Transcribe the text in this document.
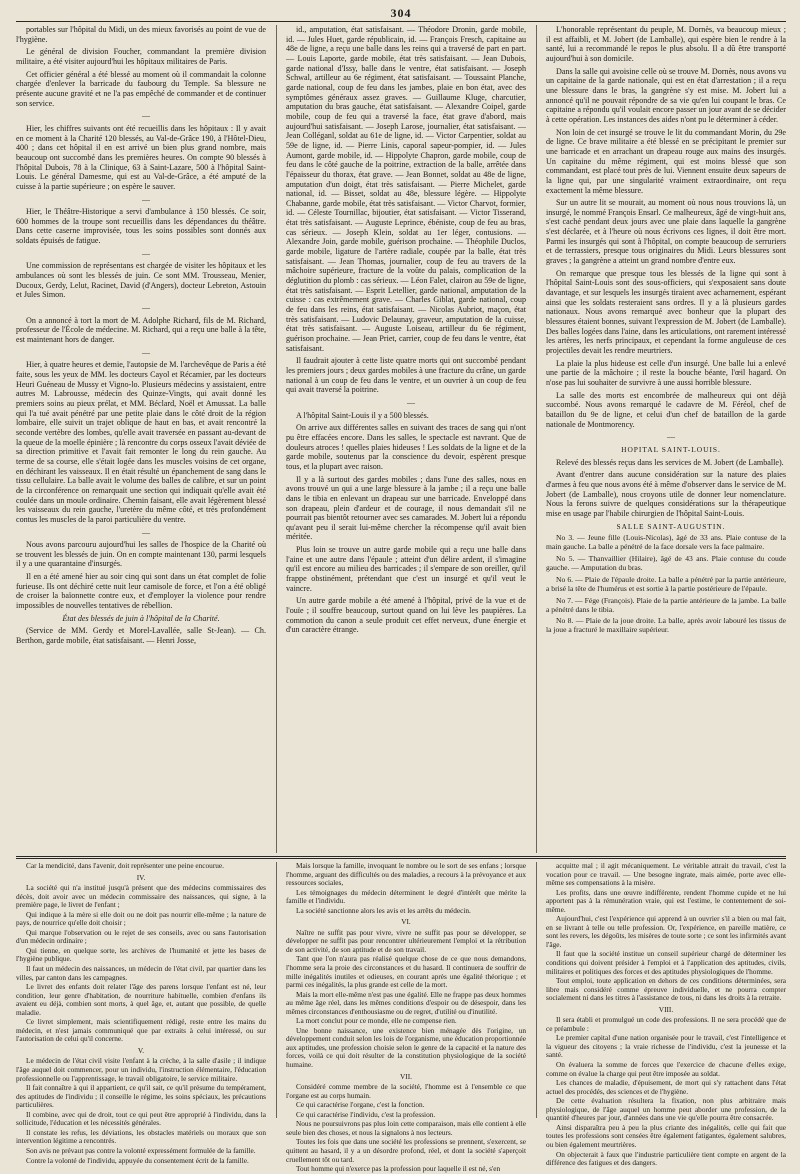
304

portables sur l'hôpital du Midi, un des mieux favorisés au point de vue de l'hygiène.

Le général de division Foucher, commandant la première division militaire, a été visiter aujourd'hui les hôpitaux militaires de Paris.

Cet officier général a été blessé au moment où il commandait la colonne chargée d'enlever la barricade du faubourg du Temple. Sa blessure ne présente aucune gravité et ne l'a pas empêché de commander et de continuer son service.

—

Hier, les chiffres suivants ont été recueillis dans les hôpitaux : Il y avait en ce moment à la Charité 120 blessés, au Val-de-Grâce 190, à l'Hôtel-Dieu, 400 ; dans cet hôpital il en est arrivé un bien plus grand nombre, mais beaucoup ont succombé dans les premières heures. On compte 90 blessés à l'hôpital Dubois, 78 à la Clinique, 63 à Saint-Lazare, 500 à l'hôpital Saint-Louis. Le général Damesme, qui est au Val-de-Grâce, a été amputé de la cuisse à la partie supérieure ; on espère le sauver.

—

Hier, le Théâtre-Historique a servi d'ambulance à 150 blessés. Ce soir, 600 hommes de la troupe sont recueillis dans les dépendances du théâtre. Dans cette caserne improvisée, tous les soins possibles sont donnés aux soldats épuisés de fatigue.

—

Une commission de représentans est chargée de visiter les hôpitaux et les ambulances où sont les blessés de juin. Ce sont MM. Trousseau, Menier, Ducoux, Gerdy, Lelut, Racinet, David (d'Angers), docteur Lebreton, Astouin et Jules Simon.

—

On a annoncé à tort la mort de M. Adolphe Richard, fils de M. Richard, professeur de l'École de médecine. M. Richard, qui a reçu une balle à la tête, est maintenant hors de danger.

—

Hier, à quatre heures et demie, l'autopsie de M. l'archevêque de Paris a été faite, sous les yeux de MM. les docteurs Cayol et Récamier, par les docteurs Heuri Guéneau de Mussy et Vigno-lo. Plusieurs médecins y assistaient, entre autres M. Labrousse, médecin des Quinze-Vingts, qui avait donné les premiers soins au pieux prélat, et MM. Béclard, Noël et Amussat. La balle qui l'a tué avait pénétré par une petite plaie dans le côté droit de la région lombaire, elle suivit un trajet oblique de haut en bas, et avait rencontré la seconde vertèbre des lombes, qu'elle avait traversée en passant au-devant de la queue de la moelle épinière ; là rencontre du corps osseux l'avait déviée de sa direction primitive et l'avait fait remonter le long du rein gauche. Au terme de sa course, elle s'était logée dans les muscles voisins de cet organe, en déchirant les vaisseaux. Il en était résulté un épanchement de sang dans le tissu cellulaire. La balle avait le volume des balles de calibre, et sur un point de la circonférence on remarquait une section qui indiquait qu'elle avait été coulée dans un moule ordinaire. Chemin faisant, elle avait légèrement blessé les vaisseaux du rein gauche, l'uretère du même côté, et très profondément contus les muscles de la paroi particulière du ventre.

—

Nous avons parcouru aujourd'hui les salles de l'hospice de la Charité où se trouvent les blessés de juin. On en compte maintenant 130, parmi lesquels il y a une quarantaine d'insurgés.

Il en a été amené hier au soir cinq qui sont dans un état complet de folie furieuse. Ils ont déchiré cette nuit leur camisole de force, et l'on a été obligé de croiser la baïonnette contre eux, et d'employer la violence pour rendre impossibles de nouvelles tentatives de rébellion.

État des blessés de juin à l'hôpital de la Charité.

(Service de MM. Gerdy et Morel-Lavallée, salle St-Jean). — Ch. Berthon, garde mobile, état satisfaisant. — Henri Josse,

id., amputation, état satisfaisant. — Théodore Dronin, garde mobile, id. — Jules Huet, garde républicain, id. — François Fresch, capitaine au 48e de ligne, a reçu une balle dans les reins qui a traversé de part en part. — Louis Laporte, garde mobile, état très satisfaisant. — Jean Dubois, garde national d'Issy, balle dans le ventre, état satisfaisant. — Joseph Schwal, artilleur au 6e régiment, état satisfaisant. — Toussaint Planche, garde national, coup de feu dans les jambes, plaie en bon état, avec des symptômes généraux assez graves. — Guillaume Kluge, charcutier, amputation du bras gauche, état satisfaisant. — Alexandre Coipel, garde mobile, coup de feu qui a traversé la face, état grave d'abord, mais aujourd'hui satisfaisant. — Joseph Larose, journalier, état satisfaisant. — Jean Colléganl, soldat au 61e de ligne, id. — Victor Carpentier, soldat au 59e de ligne, id. — Pierre Linis, caporal sapeur-pompier, id. — Jules Aumont, garde mobile, id. — Hippolyte Chapron, garde mobile, coup de feu dans le côté gauche de la poitrine, extraction de la balle, arrêtée dans l'épaisseur du thorax, état grave. — Jean Bonnet, soldat au 48e de ligne, amputation d'un doigt, état très satisfaisant. — Pierre Michelet, garde national, id. — Bisset, soldat au 48e, blessure légère. — Hippolyte Chabanne, garde mobile, état très satisfaisant. — Victor Charvot, formier, id. — Céleste Tournillac, bijoutier, état satisfaisant. — Victor Tisserand, état très satisfaisant. — Auguste Leprince, ébéniste, coup de feu au bras, cas sérieux. — Joseph Klein, soldat au 1er léger, contusions. — Alexandre Join, garde mobile, guérison prochaine. — Théophile Duclos, garde mobile, ligature de l'artère radiale, coupée par la balle, état très satisfaisant. — Jean Thomas, journalier, coup de feu au travers de la mâchoire supérieure, fracture de la voûte du palais, complication de la déglutition du plomb : cas sérieux. — Léon Falet, clairon au 59e de ligne, état très satisfaisant. — Esprit Letellier, garde national, amputation de la cuisse : cas extrêmement grave. — Charles Giblat, garde national, coup de feu dans les reins, état satisfaisant. — Nicolas Aubriot, maçon, état très satisfaisant. — Ludovic Delaunay, graveur, amputation de la cuisse, état très satisfaisant. — Auguste Loiseau, artilleur du 6e régiment, guérison prochaine. — Jean Priet, carrier, coup de feu dans le ventre, état satisfaisant.

Il faudrait ajouter à cette liste quatre morts qui ont succombé pendant les premiers jours ; deux gardes mobiles à une fracture du crâne, un garde national à un coup de feu dans le ventre, et un ouvrier à un coup de feu qui avait traversé la poitrine.

—

A l'hôpital Saint-Louis il y a 500 blessés.

On arrive aux différentes salles en suivant des traces de sang qui n'ont pu être effacées encore. Dans les salles, le spectacle est navrant. Que de douleurs atroces ! quelles plaies hideuses ! Les soldats de la ligne et de la garde mobile, soutenus par la conscience du devoir, espèrent presque tous, et la plupart avec raison.

Il y a là surtout des gardes mobiles ; dans l'une des salles, nous en avons trouvé un qui a une large blessure à la jambe ; il a reçu une balle dans le tibia en enlevant un drapeau sur une barricade. Enveloppé dans son drapeau, plein d'ardeur et de courage, il nous demandait s'il ne pourrait pas bientôt retourner avec ses camarades. M. Jobert lui a répondu qu'avant peu il serait lui-même chercher la récompense qu'il avait bien méritée.

Plus loin se trouve un autre garde mobile qui a reçu une balle dans l'aine et une autre dans l'épaule ; atteint d'un délire ardent, il s'imagine qu'il est encore au milieu des barricades ; il s'empare de son oreiller, qu'il frappe obstinément, prétendant que c'est un insurgé et qu'il veut le vaincre.

Un autre garde mobile a été amené à l'hôpital, privé de la vue et de l'ouïe ; il souffre beaucoup, surtout quand on lui lève les paupières. La commotion du canon a seule produit cet effet nerveux, d'une énergie et d'un caractère étrange.

L'honorable représentant du peuple, M. Dornès, va beaucoup mieux ; il est affaibli, et M. Jobert (de Lamballe), qui espère bien le rendre à la santé, lui a recommandé le repos le plus absolu. Il a dû être transporté aujourd'hui à son domicile.

Dans la salle qui avoisine celle où se trouve M. Dornès, nous avons vu un capitaine de la garde nationale, qui est en état d'arrestation ; il a reçu une blessure dans le bras, la gangrène s'y est mise. M. Jobert lui a annoncé qu'il ne pouvait répondre de sa vie qu'en lui coupant le bras. Ce capitaine a répondu qu'il voulait encore passer un jour avant de se décider à cette opération. Les instances des aides n'ont pu le déterminer à céder.

Non loin de cet insurgé se trouve le lit du commandant Morin, du 29e de ligne. Ce brave militaire a été blessé en se précipitant le premier sur une barricade et en arrachant un drapeau rouge aux mains des insurgés. Un capitaine du même régiment, qui est moins blessé que son commandant, est placé tout près de lui. Viennent ensuite deux sapeurs de la ligne qui, par une singularité vraiment extraordinaire, ont reçu exactement la même blessure.

Sur un autre lit se mourait, au moment où nous nous trouvions là, un insurgé, le nommé François Ensarl. Ce malheureux, âgé de vingt-huit ans, s'est caché pendant deux jours avec une plaie dans laquelle la gangrène s'est déclarée, et à l'heure où nous écrivons ces lignes, il doit être mort. Parmi les insurgés qui sont à l'hôpital, on compte beaucoup de serruriers et de terrassiers, presque tous originaires du Midi. Leurs blessures sont graves ; la gangrène a atteint un grand nombre d'entre eux.

On remarque que presque tous les blessés de la ligne qui sont à l'hôpital Saint-Louis sont des sous-officiers, qui s'exposaient sans doute davantage, et sur lesquels les insurgés tiraient avec acharnement, espérant ainsi que les soldats resteraient sans ordres. Il y a là plusieurs gardes nationaux. Nous avons remarqué avec bonheur que la plupart des blessures étaient bonnes, suivant l'expression de M. Jobert (de Lamballe). Des balles logées dans l'aine, dans les articulations, ont rarement intéressé les artères, les nerfs principaux, et cependant la forme anguleuse de ces projectiles devait les rendre meurtriers.

La plaie la plus hideuse est celle d'un insurgé. Une balle lui a enlevé une partie de la mâchoire ; il reste la bouche béante, l'œil hagard. On n'ose pas lui souhaiter de survivre à une aussi horrible blessure.

La salle des morts est encombrée de malheureux qui ont déjà succombé. Nous avons remarqué le cadavre de M. Féréol, chef de bataillon du 9e de ligne, et celui d'un chef de bataillon de la garde nationale de Montmorency.

—

HOPITAL SAINT-LOUIS.

Relevé des blessés reçus dans les services de M. Jobert (de Lamballe).

Avant d'entrer dans aucune considération sur la nature des plaies d'armes à feu que nous avons été à même d'observer dans le service de M. Jobert (de Lamballe), nous croyons utile de donner leur nomenclature. Nous la ferons suivre de quelques considérations sur la thérapeutique mise en usage par l'habile chirurgien de l'hôpital Saint-Louis.

SALLE SAINT-AUGUSTIN.

No 3. — Jeune fille (Louis-Nicolas), âgé de 33 ans. Plaie contuse de la main gauche. La balle a pénétré de la face dorsale vers la face palmaire.

No 5. — Thanvaillier (Hilaire), âgé de 43 ans. Plaie contuse du coude gauche. — Amputation du bras.

No 6. — Plaie de l'épaule droite. La balle a pénétré par la partie antérieure, a brisé la tête de l'humérus et est sortie à la partie postérieure de l'épaule.

No 7. — Fége (François). Plaie de la partie antérieure de la jambe. La balle a pénétré dans le tibia.

No 8. — Plaie de la joue droite. La balle, après avoir labouré les tissus de la joue a fracturé le maxillaire supérieur.

Car la mendicité, dans l'avenir, doit représenter une peine encourue.

IV.

La société qui n'a institué jusqu'à présent que des médecins commissaires des décès, doit avoir avec un médecin commissaire des naissances, qui signe, à la première page, le livret de l'enfant ;

Qui indique à la mère si elle doit ou ne doit pas nourrir elle-même ; la nature de pays, de nourrice qu'elle doit choisir ;

Qui marque l'observation ou le rejet de ses conseils, avec ou sans l'autorisation d'un médecin ordinaire ;

Qui tienne, en quelque sorte, les archives de l'humanité et jette les bases de l'hygiène publique.

Il faut un médecin des naissances, un médecin de l'état civil, par quartier dans les villes, par canton dans les campagnes.

Le livret des enfants doit relater l'âge des parens lorsque l'enfant est né, leur condition, leur genre d'habitation, de nourriture habituelle, combien d'enfans ils avaient eu déjà, combien sont morts, à quel âge, et, autant que possible, de quelle maladie.

Ce livret simplement, mais scientifiquement rédigé, reste entre les mains du médecin, et n'est jamais communiqué que par extraits à celui intéressé, ou sur l'autorisation de celui qu'il concerne.

V.

Le médecin de l'état civil visite l'enfant à la crèche, à la salle d'asile ; il indique l'âge auquel doit commencer, pour un individu, l'instruction élémentaire, l'éducation professionnelle ou l'apprentissage, le travail obligatoire, le service militaire.

Il fait connaître à qui il appartient, ce qu'il sait, ce qu'il présume du tempérament, des aptitudes de l'individu ; il conseille le régime, les soins spéciaux, les précautions particulières.

Il combine, avec qui de droit, tout ce qui peut être approprié à l'individu, dans la sollicitude, l'éducation et les nécessités générales.

Il constate les refus, les déviations, les obstacles matériels ou moraux que son intervention légitime a rencontrés.

Son avis ne prévaut pas contre la volonté expressément formulée de la famille.

Contre la volonté de l'individu, appuyée du consentement écrit de la famille.

Mais lorsque la famille, invoquant le nombre ou le sort de ses enfans ; lorsque l'homme, arguant des difficultés ou des maladies, a recours à la prévoyance et aux ressources sociales,

Les témoignages du médecin déterminent le degré d'intérêt que mérite la famille et l'individu.

La société sanctionne alors les avis et les arrêts du médecin.

VI.

Naître ne suffit pas pour vivre, vivre ne suffit pas pour se développer, se développer ne suffit pas pour rencontrer ultérieurement l'emploi et la rétribution de son activité, de son aptitude et de son travail.

Tant que l'on n'aura pas réalisé quelque chose de ce que nous demandons, l'homme sera la proie des circonstances et du hasard. Il continuera de souffrir de mille inégalités inutiles et odieuses, en courant après une égalité théorique ; et parmi ces inégalités, la plus grande est celle de la mort.

Mais la mort elle-même n'est pas une égalité. Elle ne frappe pas deux hommes au même âge réel, dans les mêmes conditions d'espoir ou de désespoir, dans les mêmes circonstances d'enthousiasme ou de regret, d'utilité ou d'inutilité.

La mort conclut pour ce monde, elle ne compense rien.

Une bonne naissance, une existence bien ménagée dès l'origine, un développement conduit selon les lois de l'organisme, une éducation proportionnée aux aptitudes, une profession choisie selon le genre de la capacité et la nature des forces, voilà ce qui doit résulter de la constitution physiologique de la société humaine.

VII.

Considéré comme membre de la société, l'homme est à l'ensemble ce que l'organe est au corps humain.

Ce qui caractérise l'organe, c'est la fonction.

Ce qui caractérise l'individu, c'est la profession.

Nous ne poursuivrons pas plus loin cette comparaison, mais elle contient à elle seule bien des choses, et nous la signalons à nos lecteurs.

Toutes les fois que dans une société les professions se prennent, s'exercent, se quittent au hasard, il y a un désordre profond, réel, et dont la société s'aperçoit cruellement tôt ou tard.

Tout homme qui n'exerce pas la profession pour laquelle il est né, s'en

acquitte mal ; il agit mécaniquement. Le véritable attrait du travail, c'est la vocation pour ce travail. — Une besogne ingrate, mais aimée, porte avec elle-même ses compensations à la misère.

Les profits, dans une œuvre indifférente, rendent l'homme cupide et ne lui apportent pas à la rémunération vraie, qui est l'estime, le contentement de soi-même.

Aujourd'hui, c'est l'expérience qui apprend à un ouvrier s'il a bien ou mal fait, en se livrant à telle ou telle profession. Or, l'expérience, en pareille matière, ce sont les revers, les dégoûts, les misères de toute sorte ; ce sont les infirmités avant l'âge.

Il faut que la société institue un conseil supérieur chargé de déterminer les conditions qui doivent présider à l'emploi et à l'application des aptitudes, civils, militaires et politiques des forces et des aptitudes physiologiques de l'homme.

Tout emploi, toute application en dehors de ces conditions déterminées, sera libre mais considéré comme épreuve individuelle, et ne pourra compter socialement ni dans les titres à l'assistance de tous, ni dans les droits à la retraite.

VIII.

Il sera établi et promulgué un code des professions. Il ne sera procédé que de ce préambule :

Le premier capital d'une nation organisée pour le travail, c'est l'intelligence et la vigueur des citoyens ; la vraie richesse de l'individu, c'est la jeunesse et la santé.

On évaluera la somme de forces que l'exercice de chacune d'elles exige, comme on évalue la charge qui peut être imposée au soldat.

Les chances de maladie, d'épuisement, de mort qui s'y rattachent dans l'état actuel des procédés, des sciences et de l'hygiène.

De cette évaluation résultera la fixation, non plus arbitraire mais physiologique, de l'âge auquel un homme peut aborder une profession, de la quantité d'heures par jour, d'années dans une vie qu'elle pourra être consacrée.

Ainsi disparaîtra peu à peu la plus criante des inégalités, celle qui fait que toutes les professions sont censées être également fatigantes, également salubres, ou bien également meurtrières.

On objecterait à faux que l'industrie particulière tient compte en argent de la différence des fatigues et des dangers.
